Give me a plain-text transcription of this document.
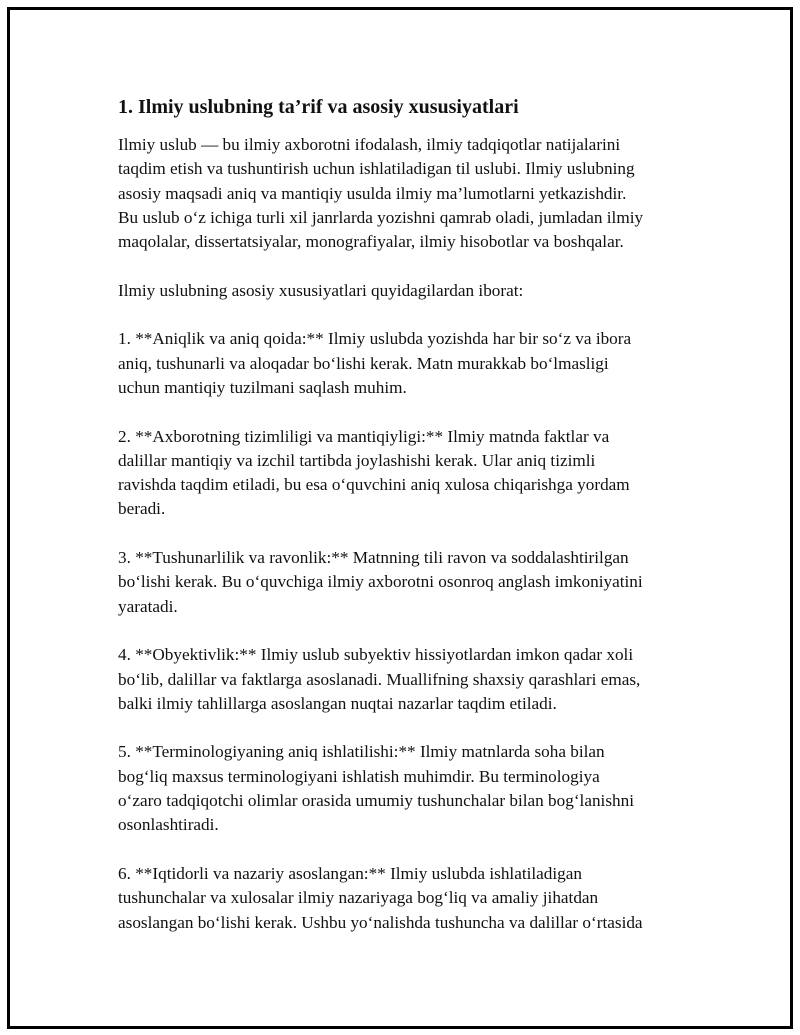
1. Ilmiy uslubning ta’rif va asosiy xususiyatlari

Ilmiy uslub — bu ilmiy axborotni ifodalash, ilmiy tadqiqotlar natijalarini
taqdim etish va tushuntirish uchun ishlatiladigan til uslubi. Ilmiy uslubning
asosiy maqsadi aniq va mantiqiy usulda ilmiy ma’lumotlarni yetkazishdir.
Bu uslub o‘z ichiga turli xil janrlarda yozishni qamrab oladi, jumladan ilmiy
maqolalar, dissertatsiyalar, monografiyalar, ilmiy hisobotlar va boshqalar.

Ilmiy uslubning asosiy xususiyatlari quyidagilardan iborat:

1. **Aniqlik va aniq qoida:** Ilmiy uslubda yozishda har bir so‘z va ibora
aniq, tushunarli va aloqadar bo‘lishi kerak. Matn murakkab bo‘lmasligi
uchun mantiqiy tuzilmani saqlash muhim.

2. **Axborotning tizimliligi va mantiqiyligi:** Ilmiy matnda faktlar va
dalillar mantiqiy va izchil tartibda joylashishi kerak. Ular aniq tizimli
ravishda taqdim etiladi, bu esa o‘quvchini aniq xulosa chiqarishga yordam
beradi.

3. **Tushunarlilik va ravonlik:** Matnning tili ravon va soddalashtirilgan
bo‘lishi kerak. Bu o‘quvchiga ilmiy axborotni osonroq anglash imkoniyatini
yaratadi.

4. **Obyektivlik:** Ilmiy uslub subyektiv hissiyotlardan imkon qadar xoli
bo‘lib, dalillar va faktlarga asoslanadi. Muallifning shaxsiy qarashlari emas,
balki ilmiy tahlillarga asoslangan nuqtai nazarlar taqdim etiladi.

5. **Terminologiyaning aniq ishlatilishi:** Ilmiy matnlarda soha bilan
bog‘liq maxsus terminologiyani ishlatish muhimdir. Bu terminologiya
o‘zaro tadqiqotchi olimlar orasida umumiy tushunchalar bilan bog‘lanishni
osonlashtiradi.

6. **Iqtidorli va nazariy asoslangan:** Ilmiy uslubda ishlatiladigan
tushunchalar va xulosalar ilmiy nazariyaga bog‘liq va amaliy jihatdan
asoslangan bo‘lishi kerak. Ushbu yo‘nalishda tushuncha va dalillar o‘rtasida
